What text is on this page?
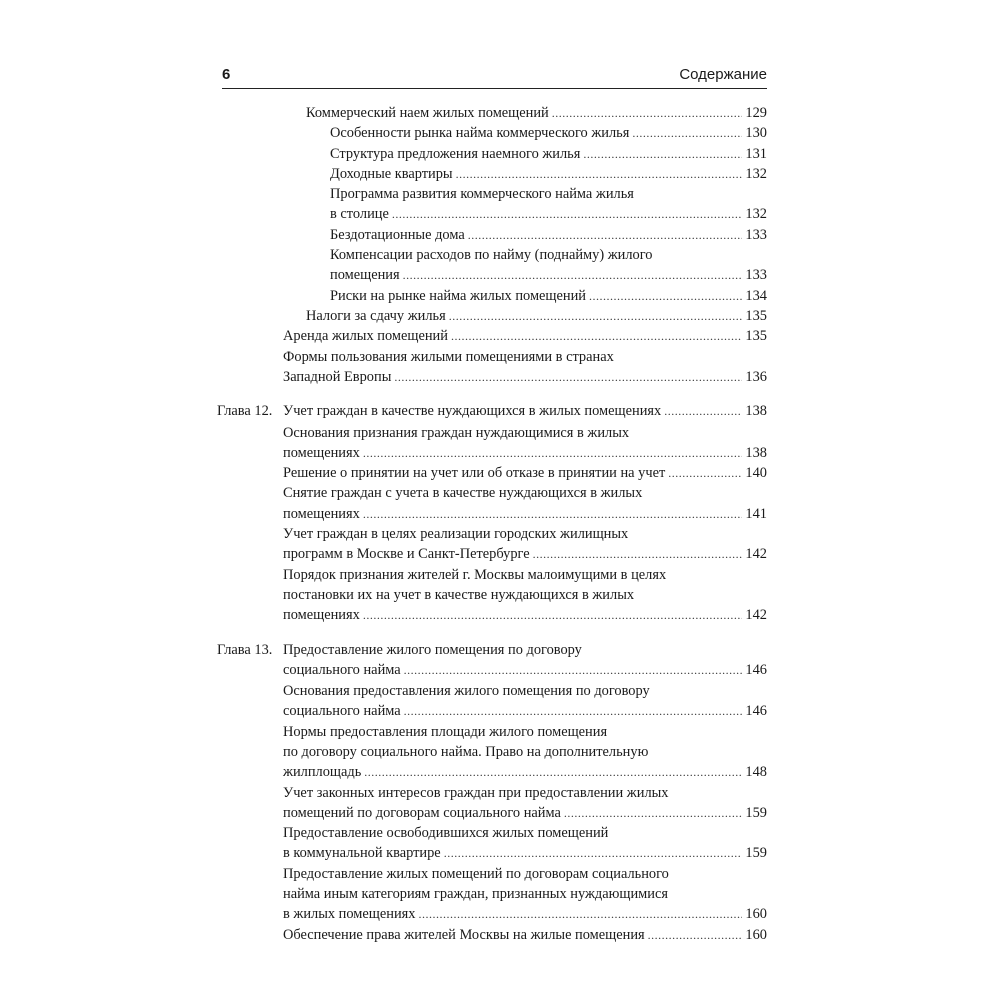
6	Содержание
Коммерческий наем жилых помещений .....	129
Особенности рынка найма коммерческого жилья .....	130
Структура предложения наемного жилья .....	131
Доходные квартиры .....	132
Программа развития коммерческого найма жилья
в столице .....	132
Бездотационные дома .....	133
Компенсации расходов по найму (поднайму) жилого
помещения .....	133
Риски на рынке найма жилых помещений .....	134
Налоги за сдачу жилья .....	135
Аренда жилых помещений .....	135
Формы пользования жилыми помещениями в странах
Западной Европы .....	136
Глава 12. Учет граждан в качестве нуждающихся в жилых помещениях .....	138
Основания признания граждан нуждающимися в жилых
помещениях .....	138
Решение о принятии на учет или об отказе в принятии на учет .....	140
Снятие граждан с учета в качестве нуждающихся в жилых
помещениях .....	141
Учет граждан в целях реализации городских жилищных
программ в Москве и Санкт-Петербурге .....	142
Порядок признания жителей г. Москвы малоимущими в целях
постановки их на учет в качестве нуждающихся в жилых
помещениях .....	142
Глава 13. Предоставление жилого помещения по договору
социального найма .....	146
Основания предоставления жилого помещения по договору
социального найма .....	146
Нормы предоставления площади жилого помещения
по договору социального найма. Право на дополнительную
жилплощадь .....	148
Учет законных интересов граждан при предоставлении жилых
помещений по договорам социального найма .....	159
Предоставление освободившихся жилых помещений
в коммунальной квартире .....	159
Предоставление жилых помещений по договорам социального
найма иным категориям граждан, признанных нуждающимися
в жилых помещениях .....	160
Обеспечение права жителей Москвы на жилые помещения .....	160
